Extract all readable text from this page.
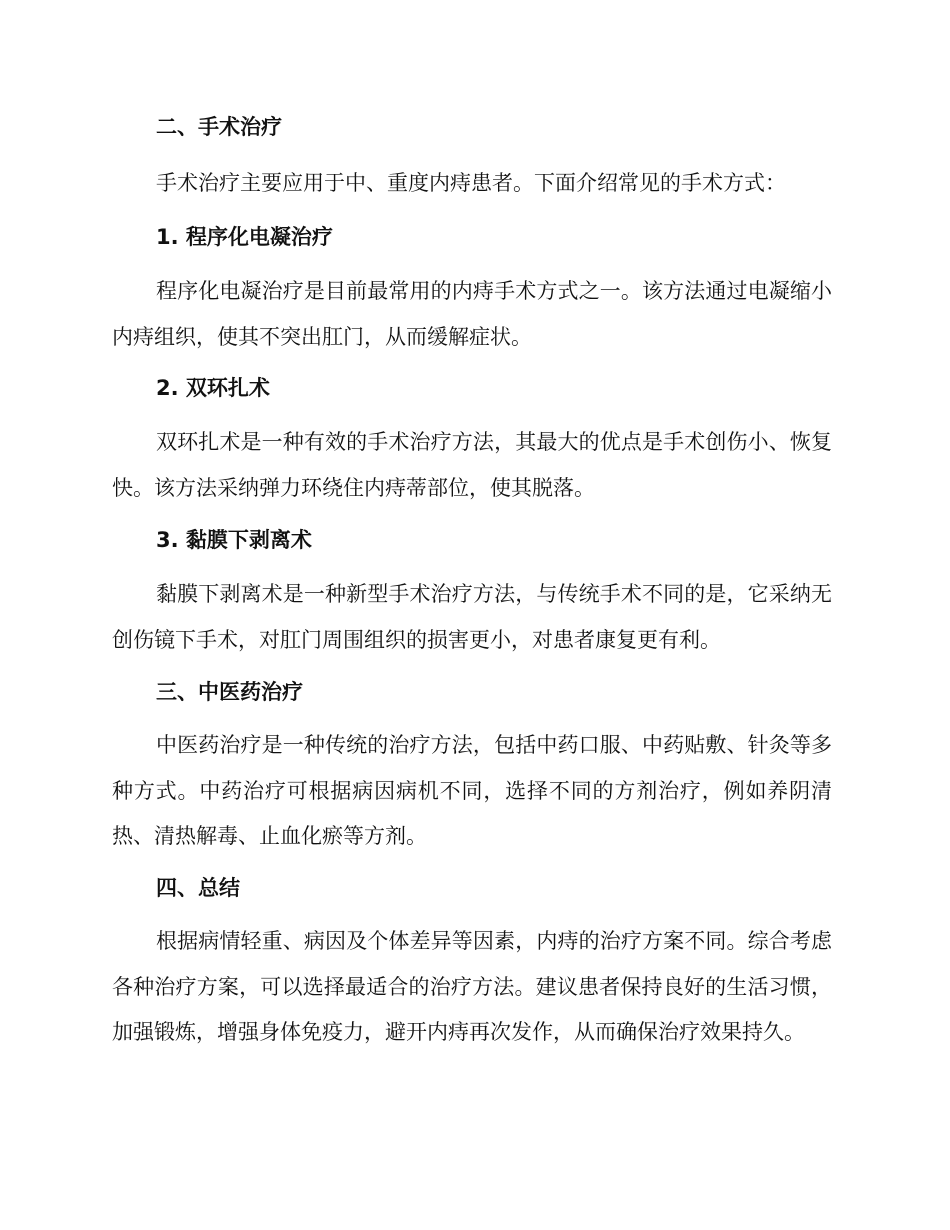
二、手术治疗
手术治疗主要应用于中、重度内痔患者。下面介绍常见的手术方式：
1. 程序化电凝治疗
程序化电凝治疗是目前最常用的内痔手术方式之一。该方法通过电凝缩小内痔组织，使其不突出肛门，从而缓解症状。
2. 双环扎术
双环扎术是一种有效的手术治疗方法，其最大的优点是手术创伤小、恢复快。该方法采纳弹力环绕住内痔蒂部位，使其脱落。
3. 黏膜下剥离术
黏膜下剥离术是一种新型手术治疗方法，与传统手术不同的是，它采纳无创伤镜下手术，对肛门周围组织的损害更小，对患者康复更有利。
三、中医药治疗
中医药治疗是一种传统的治疗方法，包括中药口服、中药贴敷、针灸等多种方式。中药治疗可根据病因病机不同，选择不同的方剂治疗，例如养阴清热、清热解毒、止血化瘀等方剂。
四、总结
根据病情轻重、病因及个体差异等因素，内痔的治疗方案不同。综合考虑各种治疗方案，可以选择最适合的治疗方法。建议患者保持良好的生活习惯，加强锻炼，增强身体免疫力，避开内痔再次发作，从而确保治疗效果持久。
